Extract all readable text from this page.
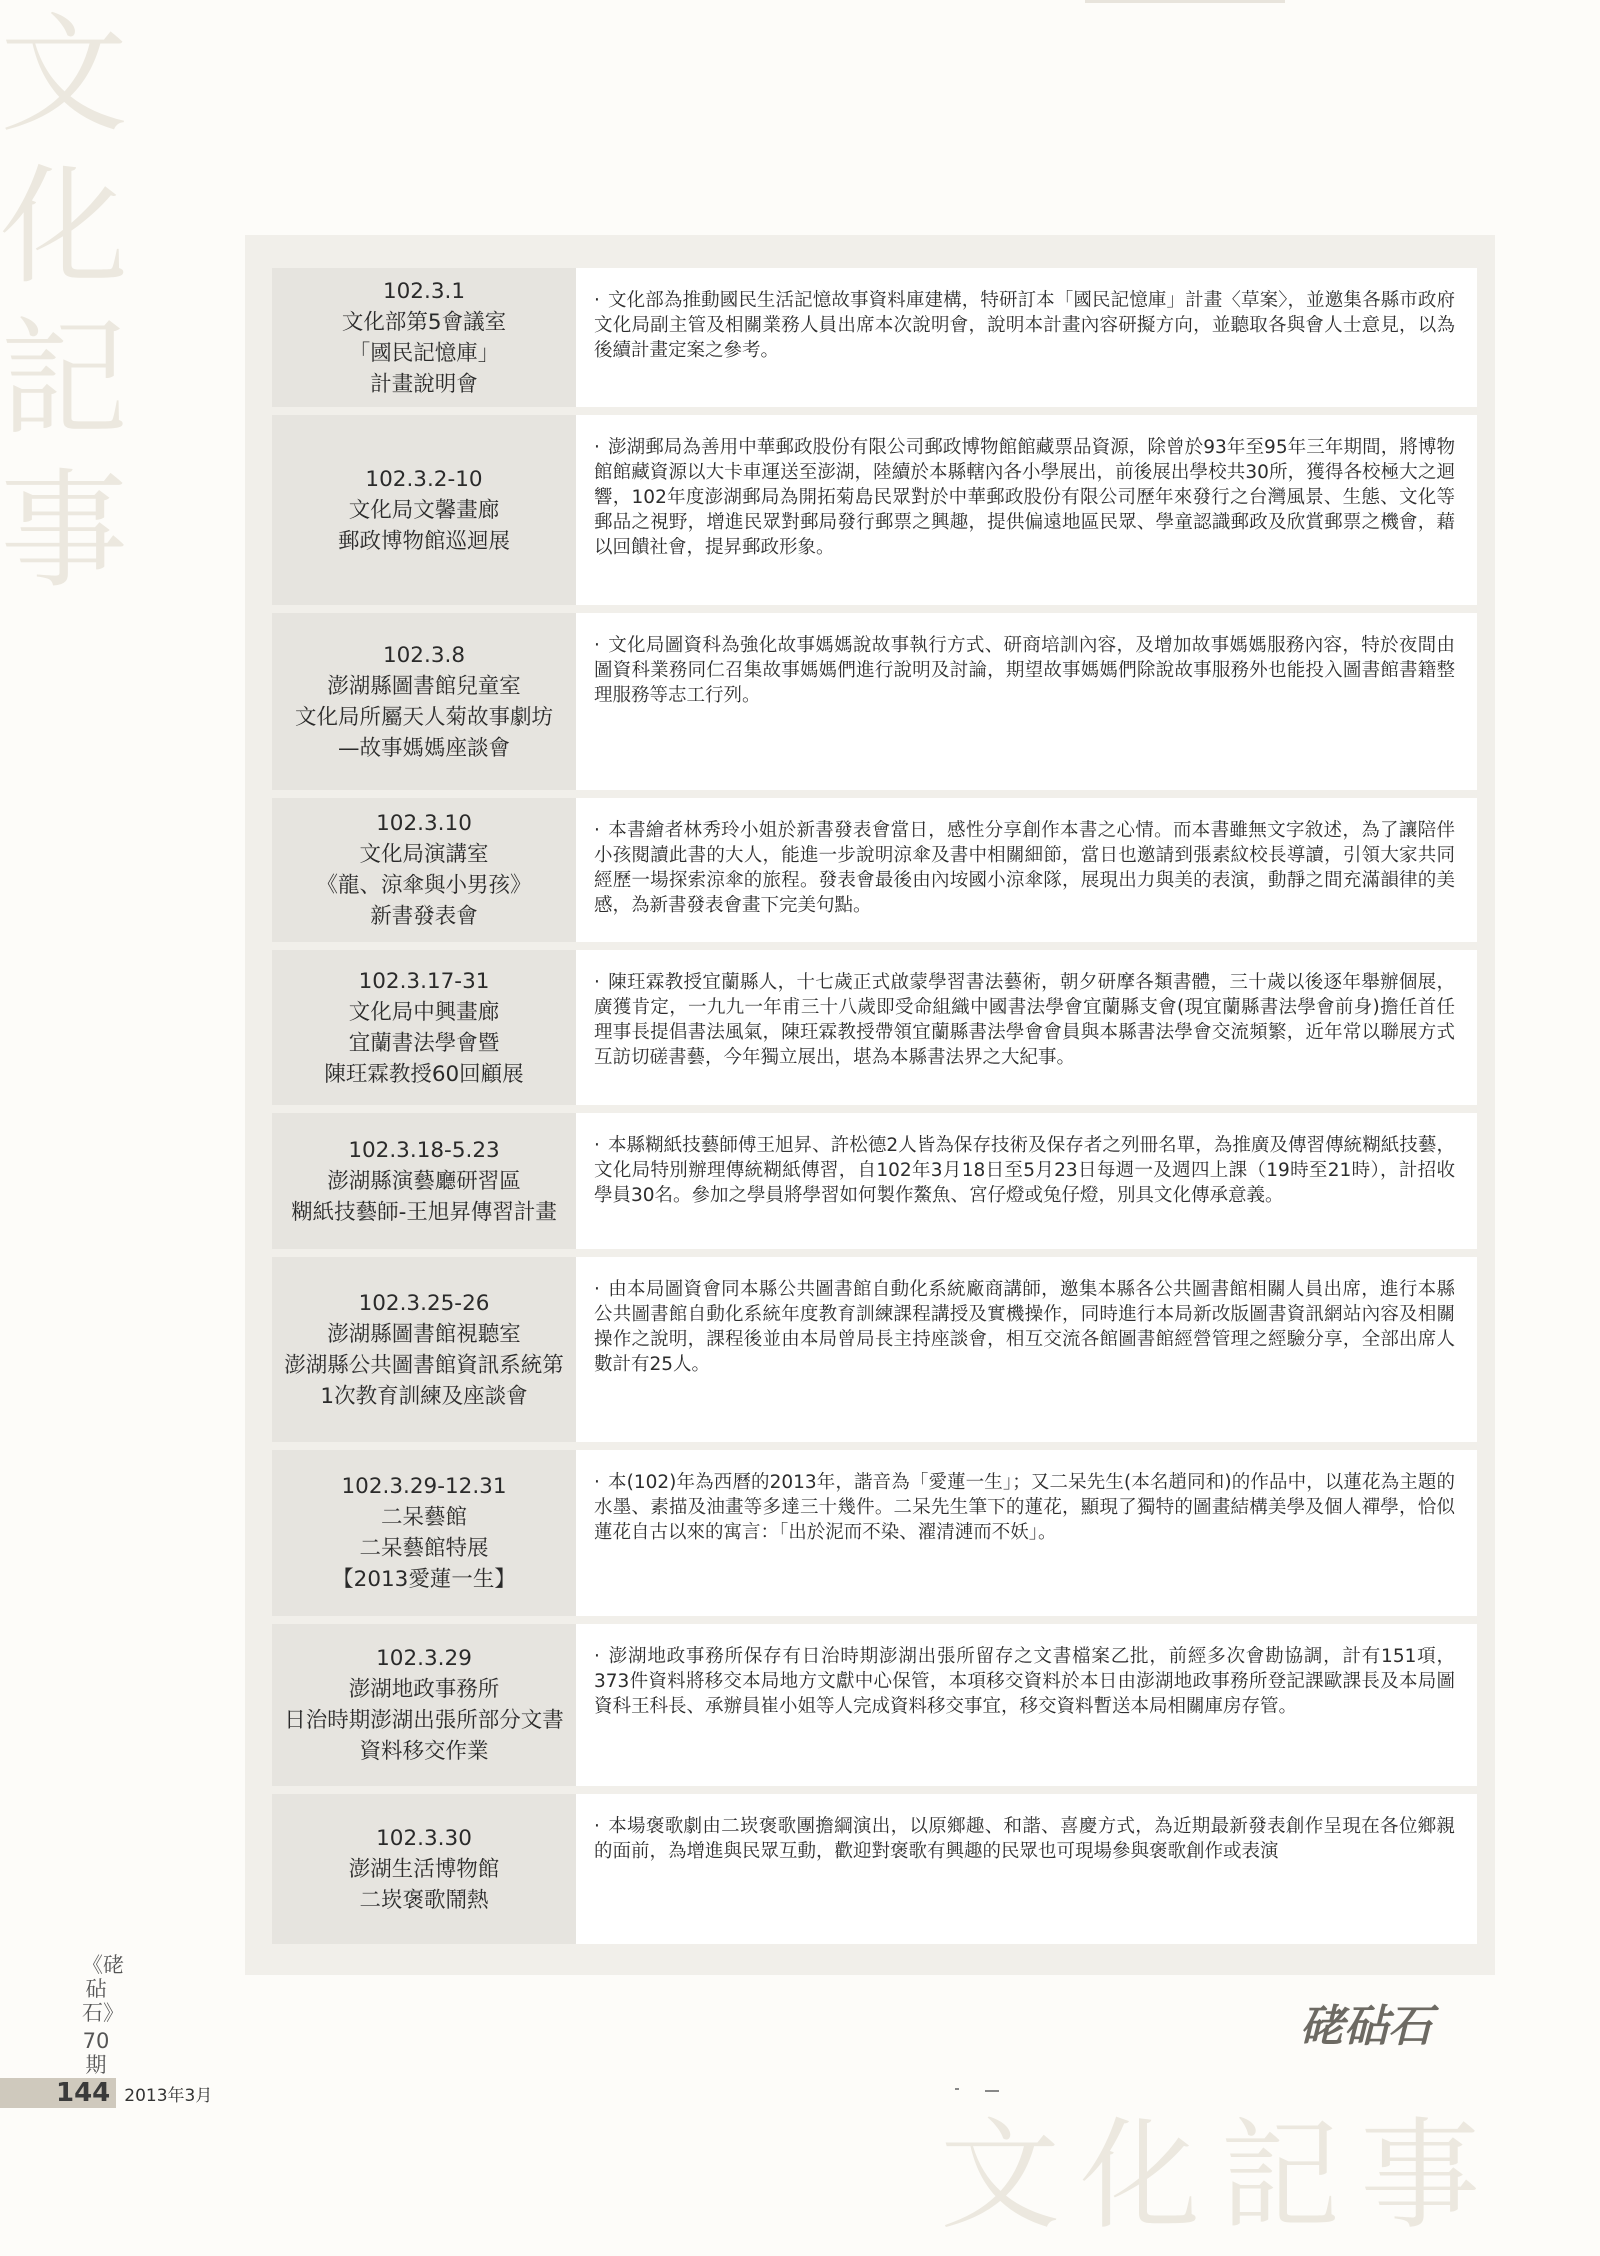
文
化
記
事
102.3.1
文化部第5會議室
「國民記憶庫」
計畫說明會
· 文化部為推動國民生活記憶故事資料庫建構，特研訂本「國民記憶庫」計畫〈草案〉，並邀集各縣市政府文化局副主管及相關業務人員出席本次說明會，說明本計畫內容研擬方向，並聽取各與會人士意見，以為後續計畫定案之參考。
102.3.2-10
文化局文馨畫廊
郵政博物館巡迴展
· 澎湖郵局為善用中華郵政股份有限公司郵政博物館館藏票品資源，除曾於93年至95年三年期間，將博物館館藏資源以大卡車運送至澎湖，陸續於本縣轄內各小學展出，前後展出學校共30所，獲得各校極大之迴響，102年度澎湖郵局為開拓菊島民眾對於中華郵政股份有限公司歷年來發行之台灣風景、生態、文化等郵品之視野，增進民眾對郵局發行郵票之興趣，提供偏遠地區民眾、學童認識郵政及欣賞郵票之機會，藉以回饋社會，提昇郵政形象。
102.3.8
澎湖縣圖書館兒童室
文化局所屬天人菊故事劇坊
—故事媽媽座談會
· 文化局圖資科為強化故事媽媽說故事執行方式、研商培訓內容，及增加故事媽媽服務內容，特於夜間由圖資科業務同仁召集故事媽媽們進行說明及討論，期望故事媽媽們除說故事服務外也能投入圖書館書籍整理服務等志工行列。
102.3.10
文化局演講室
《龍、涼傘與小男孩》
新書發表會
· 本書繪者林秀玲小姐於新書發表會當日，感性分享創作本書之心情。而本書雖無文字敘述，為了讓陪伴小孩閱讀此書的大人，能進一步說明涼傘及書中相關細節，當日也邀請到張素紋校長導讀，引領大家共同經歷一場探索涼傘的旅程。發表會最後由內垵國小涼傘隊，展現出力與美的表演，動靜之間充滿韻律的美感，為新書發表會畫下完美句點。
102.3.17-31
文化局中興畫廊
宜蘭書法學會暨
陳玨霖教授60回顧展
· 陳玨霖教授宜蘭縣人，十七歲正式啟蒙學習書法藝術，朝夕研摩各類書體，三十歲以後逐年舉辦個展，廣獲肯定，一九九一年甫三十八歲即受命組織中國書法學會宜蘭縣支會(現宜蘭縣書法學會前身)擔任首任理事長提倡書法風氣，陳玨霖教授帶領宜蘭縣書法學會會員與本縣書法學會交流頻繁，近年常以聯展方式互訪切磋書藝，今年獨立展出，堪為本縣書法界之大紀事。
102.3.18-5.23
澎湖縣演藝廳研習區
糊紙技藝師-王旭昇傳習計畫
· 本縣糊紙技藝師傅王旭昇、許松德2人皆為保存技術及保存者之列冊名單，為推廣及傳習傳統糊紙技藝，文化局特別辦理傳統糊紙傳習，自102年3月18日至5月23日每週一及週四上課（19時至21時），計招收學員30名。參加之學員將學習如何製作鰲魚、宮仔燈或兔仔燈，別具文化傳承意義。
102.3.25-26
澎湖縣圖書館視聽室
澎湖縣公共圖書館資訊系統第
1次教育訓練及座談會
· 由本局圖資會同本縣公共圖書館自動化系統廠商講師，邀集本縣各公共圖書館相關人員出席，進行本縣公共圖書館自動化系統年度教育訓練課程講授及實機操作，同時進行本局新改版圖書資訊網站內容及相關操作之說明，課程後並由本局曾局長主持座談會，相互交流各館圖書館經營管理之經驗分享，全部出席人數計有25人。
102.3.29-12.31
二呆藝館
二呆藝館特展
【2013愛蓮一生】
· 本(102)年為西曆的2013年，諧音為「愛蓮一生」；又二呆先生(本名趙同和)的作品中，以蓮花為主題的水墨、素描及油畫等多達三十幾件。二呆先生筆下的蓮花，顯現了獨特的圖畫結構美學及個人禪學，恰似蓮花自古以來的寓言：「出於泥而不染、濯清漣而不妖」。
102.3.29
澎湖地政事務所
日治時期澎湖出張所部分文書
資料移交作業
· 澎湖地政事務所保存有日治時期澎湖出張所留存之文書檔案乙批，前經多次會勘協調，計有151項，373件資料將移交本局地方文獻中心保管，本項移交資料於本日由澎湖地政事務所登記課歐課長及本局圖資科王科長、承辦員崔小姐等人完成資料移交事宜，移交資料暫送本局相關庫房存管。
102.3.30
澎湖生活博物館
二崁褒歌鬧熱
· 本場褒歌劇由二崁褒歌團擔綱演出，以原鄉趣、和諧、喜慶方式，為近期最新發表創作呈現在各位鄉親的面前，為增進與民眾互動，歡迎對褒歌有興趣的民眾也可現場參與褒歌創作或表演
硓砧石
文化記事
《硓砧石》
70期
144 2013年3月
